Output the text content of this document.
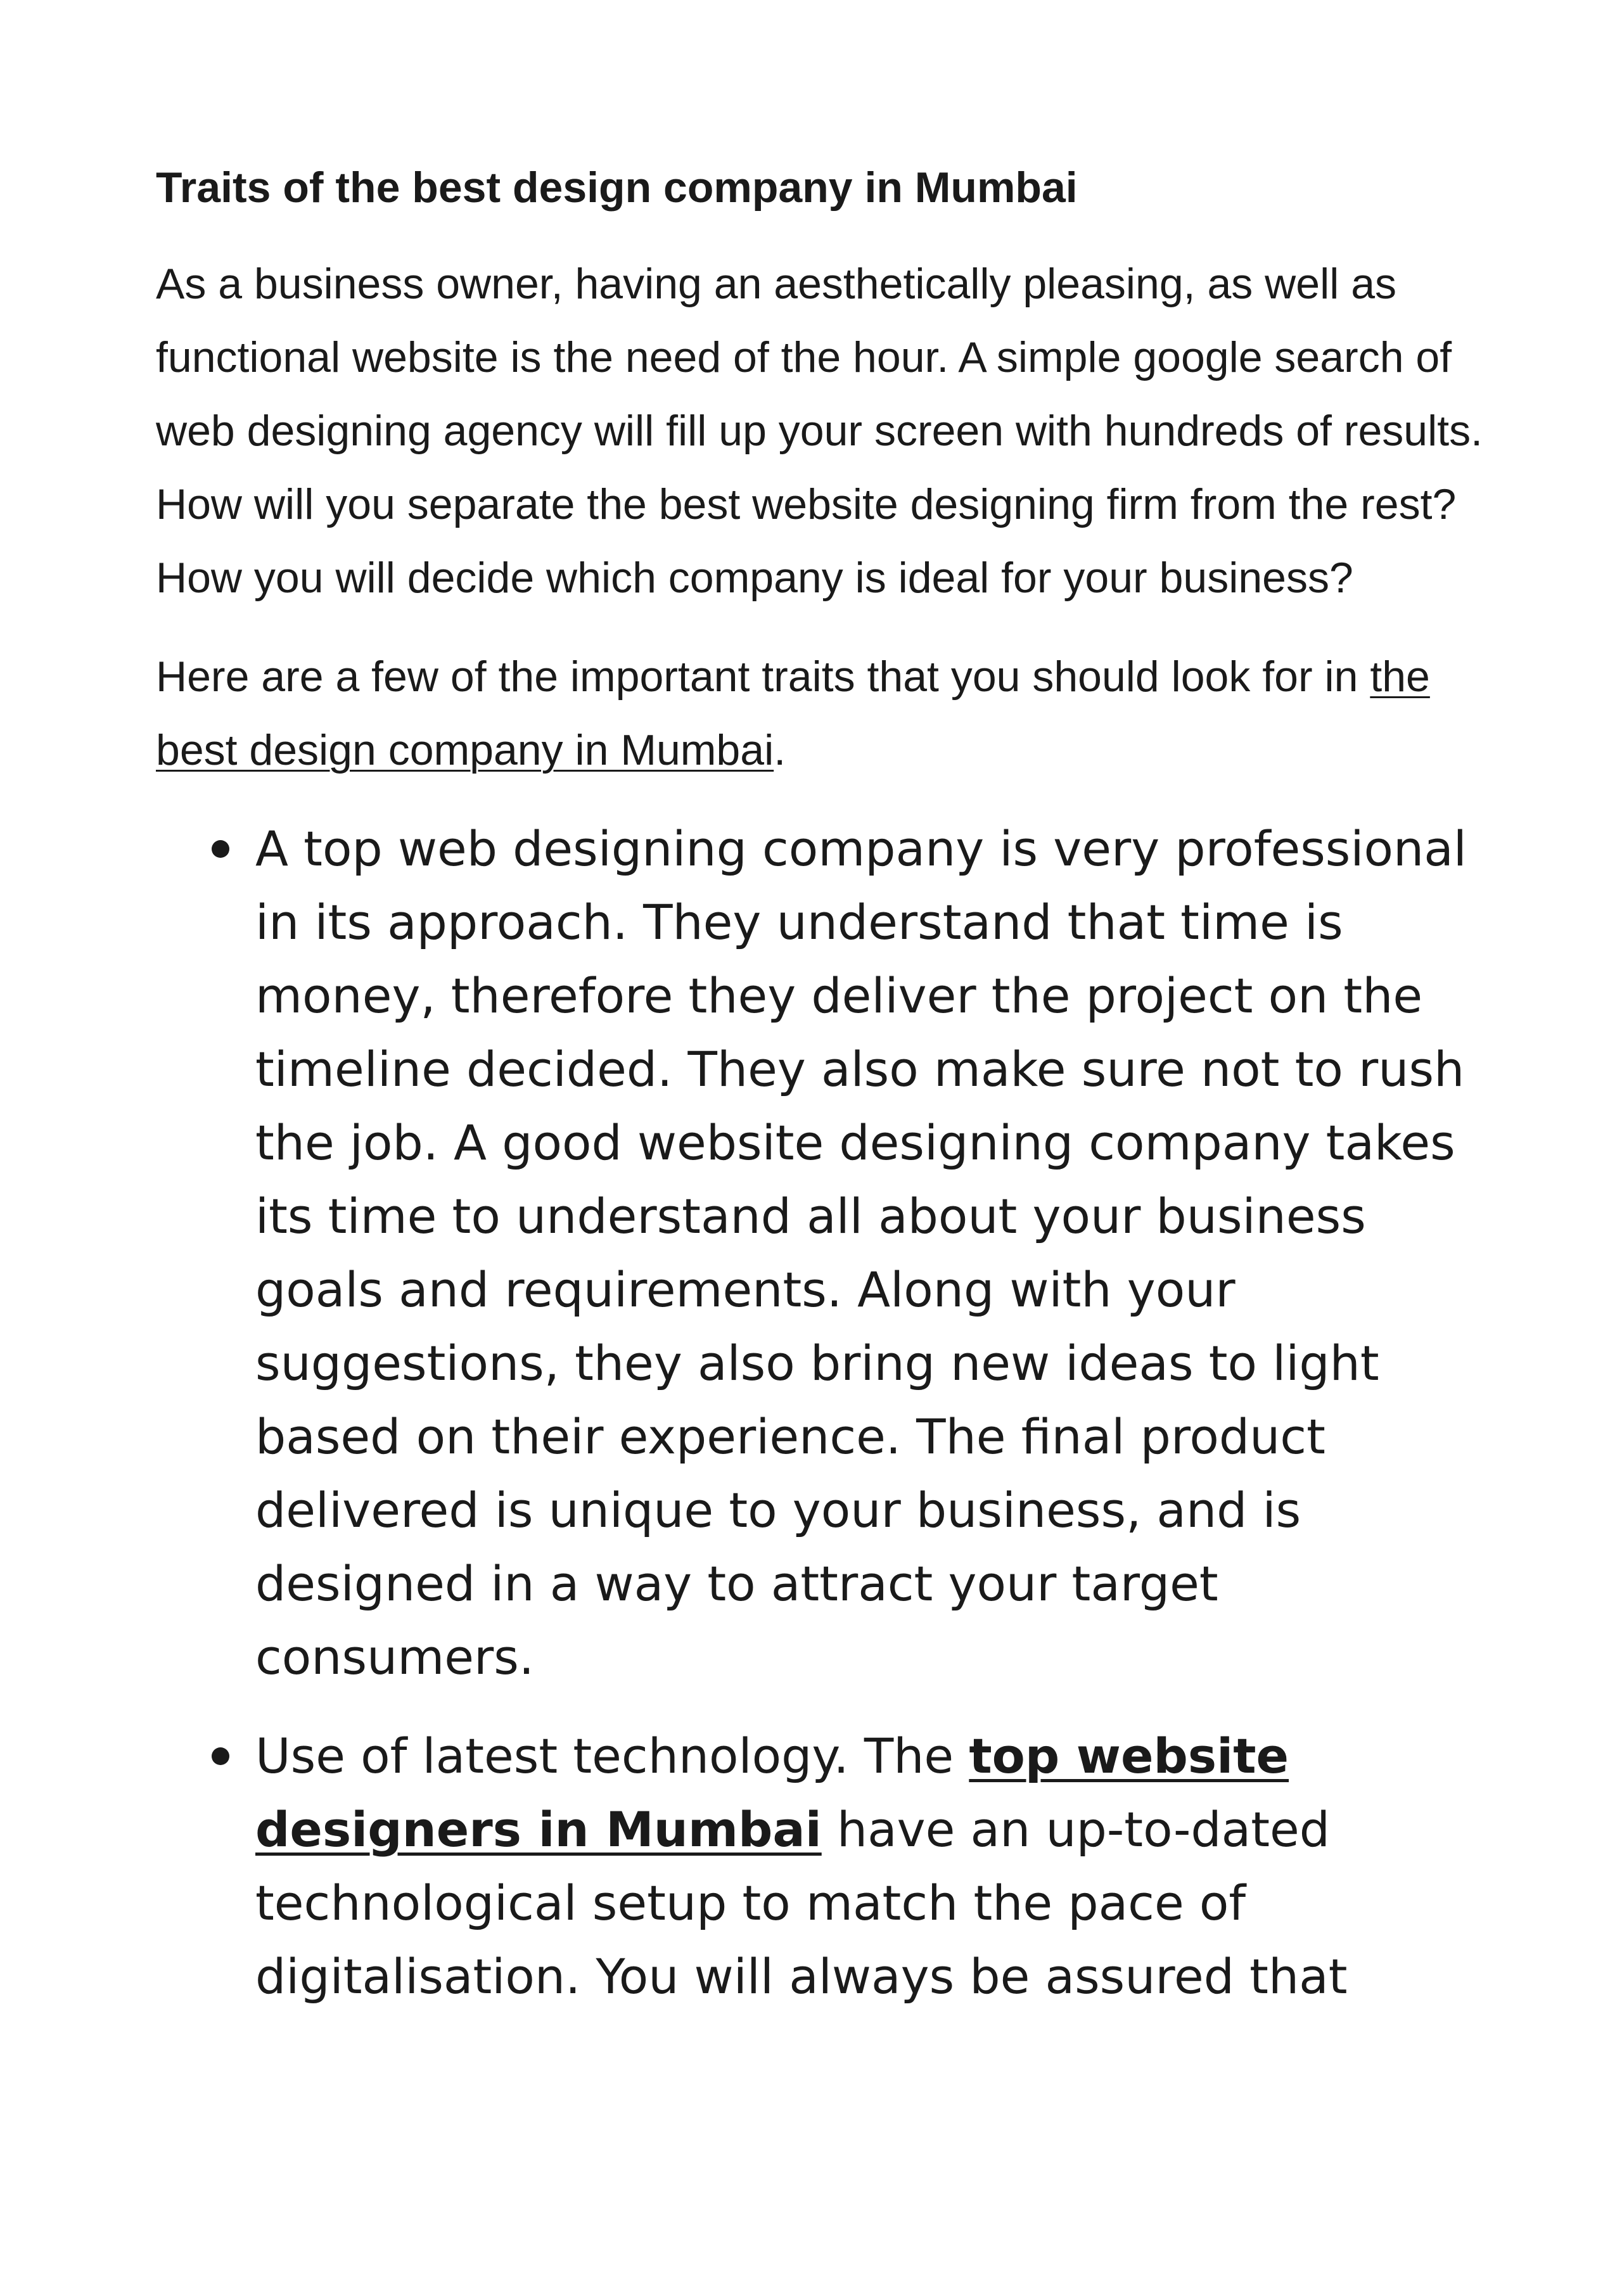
Traits of the best design company in Mumbai

As a business owner, having an aesthetically pleasing, as well as functional website is the need of the hour. A simple google search of web designing agency will fill up your screen with hundreds of results. How will you separate the best website designing firm from the rest? How you will decide which company is ideal for your business?

Here are a few of the important traits that you should look for in the best design company in Mumbai.

A top web designing company is very professional in its approach. They understand that time is money, therefore they deliver the project on the timeline decided. They also make sure not to rush the job. A good website designing company takes its time to understand all about your business goals and requirements. Along with your suggestions, they also bring new ideas to light based on their experience. The final product delivered is unique to your business, and is designed in a way to attract your target consumers.
Use of latest technology. The top website designers in Mumbai have an up-to-dated technological setup to match the pace of digitalisation. You will always be assured that
